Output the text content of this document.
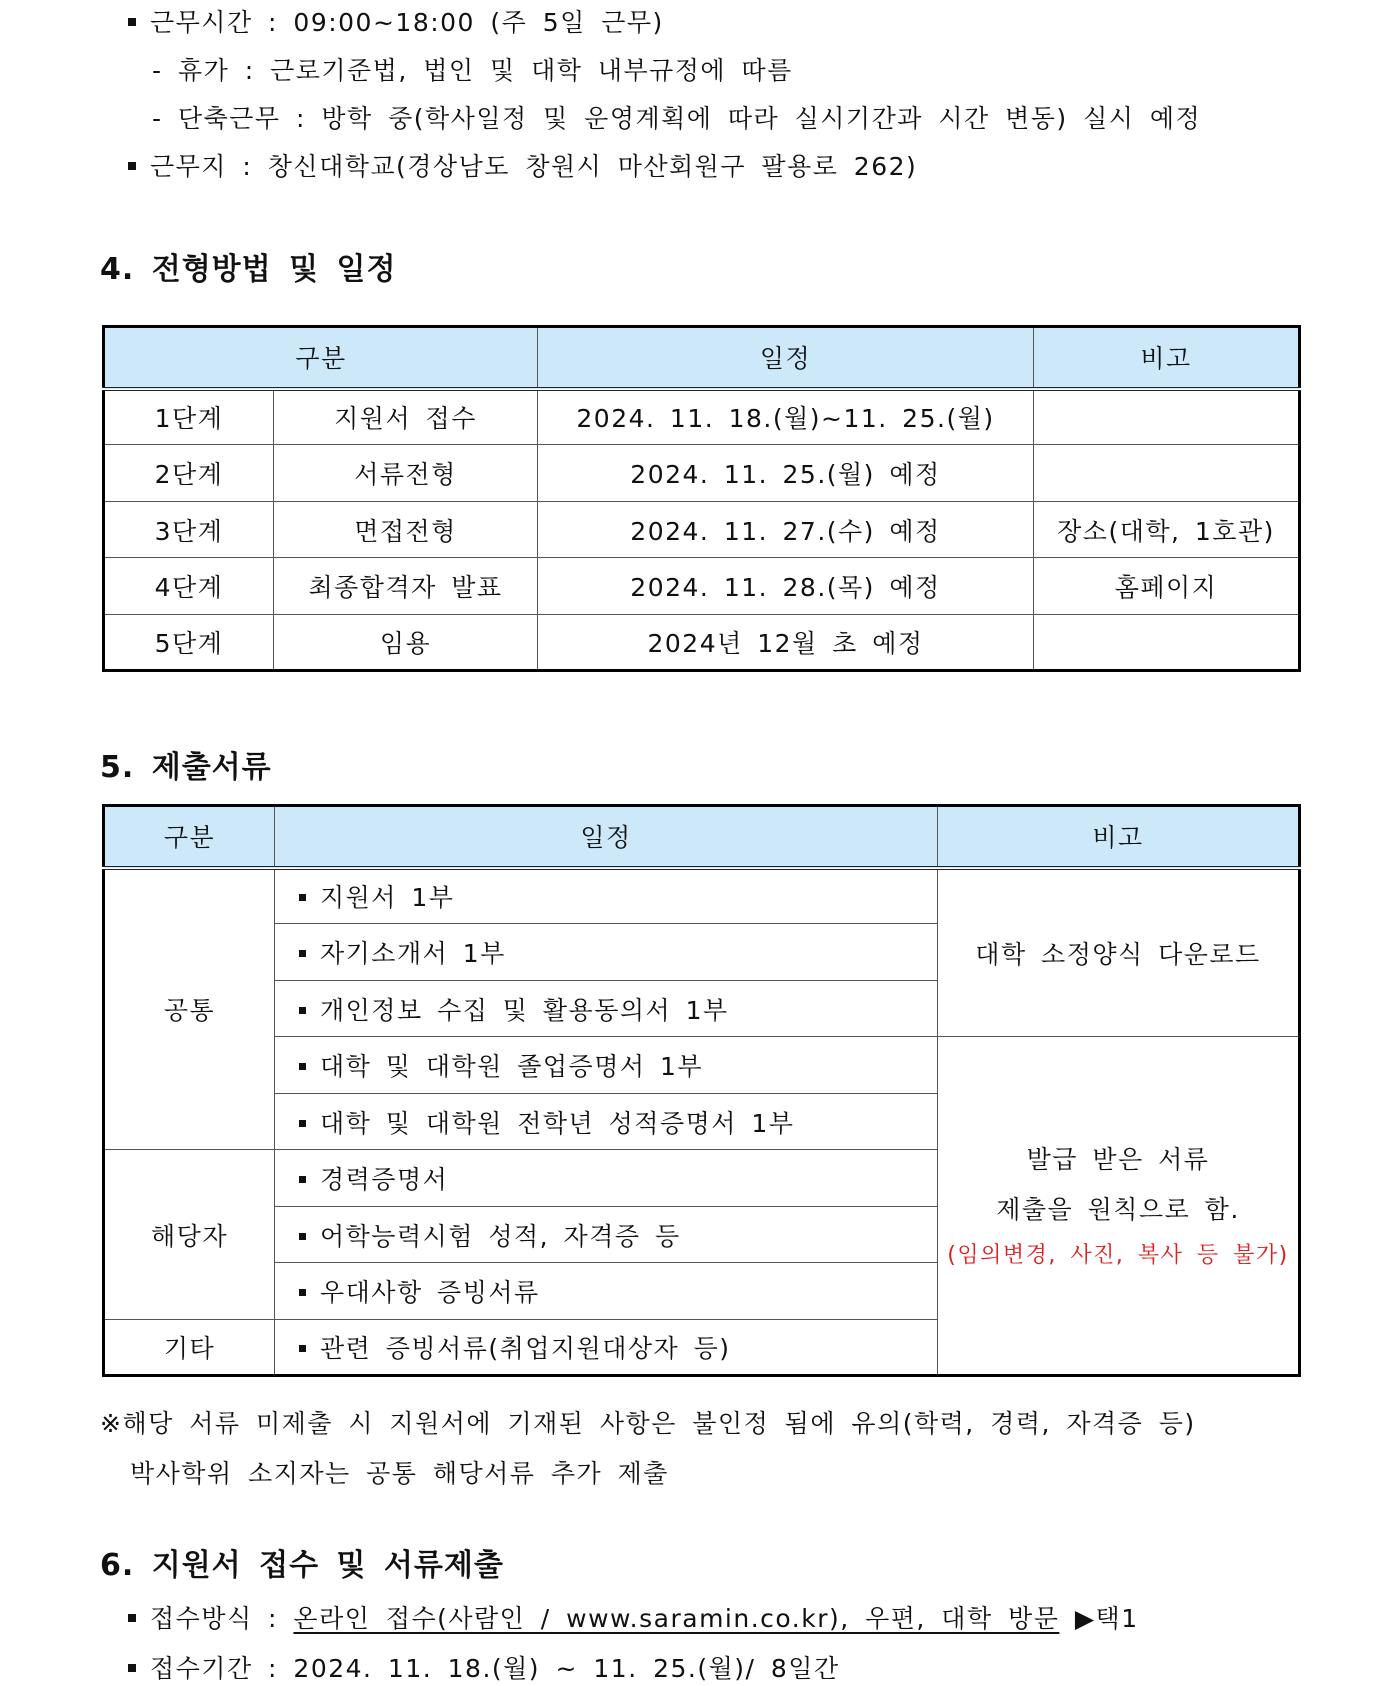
근무시간 : 09:00~18:00 (주 5일 근무)
- 휴가 : 근로기준법, 법인 및 대학 내부규정에 따름
- 단축근무 : 방학 중(학사일정 및 운영계획에 따라 실시기간과 시간 변동) 실시 예정
근무지 : 창신대학교(경상남도 창원시 마산회원구 팔용로 262)
4. 전형방법 및 일정
구분		일정	비고
1단계	지원서 접수	2024. 11. 18.(월)~11. 25.(월)	
2단계	서류전형	2024. 11. 25.(월) 예정	
3단계	면접전형	2024. 11. 27.(수) 예정	장소(대학, 1호관)
4단계	최종합격자 발표	2024. 11. 28.(목) 예정	홈페이지
5단계	임용	2024년 12월 초 예정	
5. 제출서류
구분	일정	비고
공통	지원서 1부	대학 소정양식 다운로드
	자기소개서 1부	
	개인정보 수집 및 활용동의서 1부	
	대학 및 대학원 졸업증명서 1부	발급 받은 서류
제출을 원칙으로 함.
(임의변경, 사진, 복사 등 불가)

	대학 및 대학원 전학년 성적증명서 1부	
해당자	경력증명서	
	어학능력시험 성적, 자격증 등	
	우대사항 증빙서류	
기타	관련 증빙서류(취업지원대상자 등)	
※해당 서류 미제출 시 지원서에 기재된 사항은 불인정 됨에 유의(학력, 경력, 자격증 등)
박사학위 소지자는 공통 해당서류 추가 제출
6. 지원서 접수 및 서류제출
접수방식 : 온라인 접수(사람인 / www.saramin.co.kr), 우편, 대학 방문 ▶택1
접수기간 : 2024. 11. 18.(월) ~ 11. 25.(월)/ 8일간
